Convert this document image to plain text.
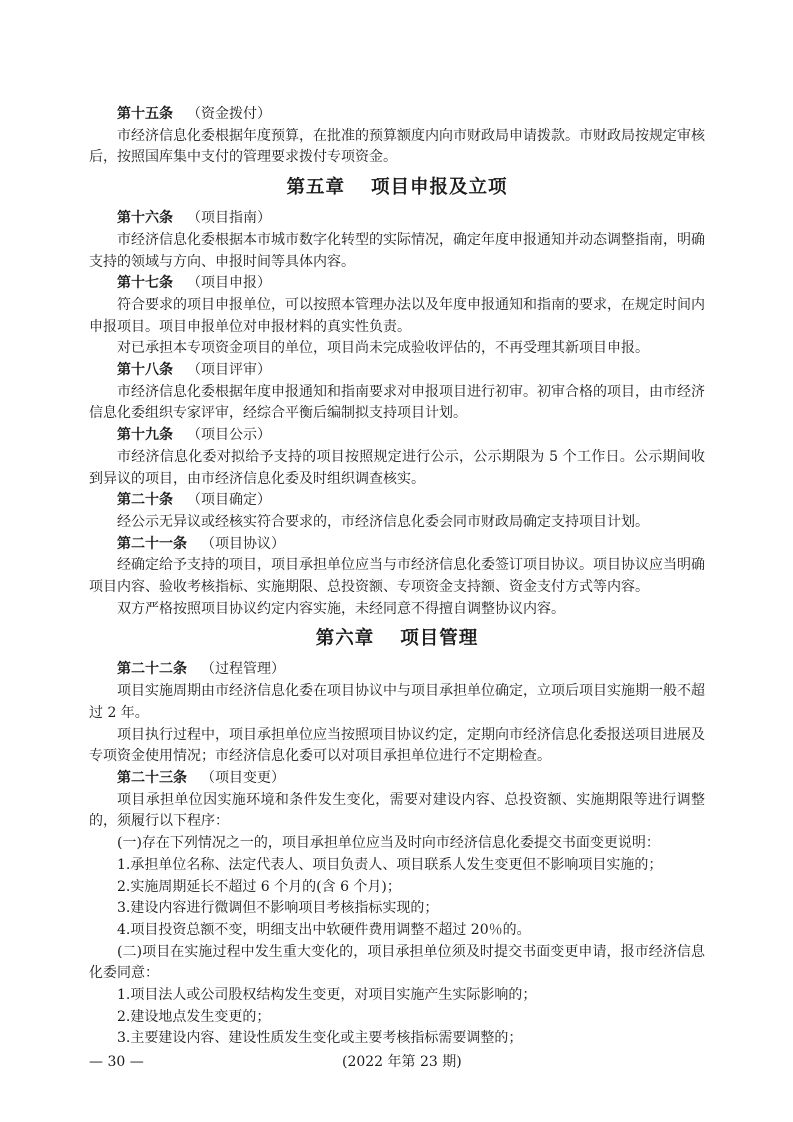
第十五条 （资金拨付）

市经济信息化委根据年度预算，在批准的预算额度内向市财政局申请拨款。市财政局按规定审核后，按照国库集中支付的管理要求拨付专项资金。

第五章 项目申报及立项
第十六条 （项目指南）

市经济信息化委根据本市城市数字化转型的实际情况，确定年度申报通知并动态调整指南，明确支持的领域与方向、申报时间等具体内容。

第十七条 （项目申报）

符合要求的项目申报单位，可以按照本管理办法以及年度申报通知和指南的要求，在规定时间内申报项目。项目申报单位对申报材料的真实性负责。

对已承担本专项资金项目的单位，项目尚未完成验收评估的，不再受理其新项目申报。

第十八条 （项目评审）

市经济信息化委根据年度申报通知和指南要求对申报项目进行初审。初审合格的项目，由市经济信息化委组织专家评审，经综合平衡后编制拟支持项目计划。

第十九条 （项目公示）

市经济信息化委对拟给予支持的项目按照规定进行公示，公示期限为 5 个工作日。公示期间收到异议的项目，由市经济信息化委及时组织调查核实。

第二十条 （项目确定）

经公示无异议或经核实符合要求的，市经济信息化委会同市财政局确定支持项目计划。

第二十一条 （项目协议）

经确定给予支持的项目，项目承担单位应当与市经济信息化委签订项目协议。项目协议应当明确项目内容、验收考核指标、实施期限、总投资额、专项资金支持额、资金支付方式等内容。

双方严格按照项目协议约定内容实施，未经同意不得擅自调整协议内容。

第六章 项目管理
第二十二条 （过程管理）

项目实施周期由市经济信息化委在项目协议中与项目承担单位确定，立项后项目实施期一般不超过 2 年。

项目执行过程中，项目承担单位应当按照项目协议约定，定期向市经济信息化委报送项目进展及专项资金使用情况；市经济信息化委可以对项目承担单位进行不定期检查。

第二十三条 （项目变更）

项目承担单位因实施环境和条件发生变化，需要对建设内容、总投资额、实施期限等进行调整的，须履行以下程序：

(一)存在下列情况之一的，项目承担单位应当及时向市经济信息化委提交书面变更说明：

1.承担单位名称、法定代表人、项目负责人、项目联系人发生变更但不影响项目实施的；

2.实施周期延长不超过 6 个月的(含 6 个月)；

3.建设内容进行微调但不影响项目考核指标实现的；

4.项目投资总额不变，明细支出中软硬件费用调整不超过 20％的。

(二)项目在实施过程中发生重大变化的，项目承担单位须及时提交书面变更申请，报市经济信息化委同意：

1.项目法人或公司股权结构发生变更，对项目实施产生实际影响的；

2.建设地点发生变更的；

3.主要建设内容、建设性质发生变化或主要考核指标需要调整的；

— 30 —	(2022 年第 23 期)
